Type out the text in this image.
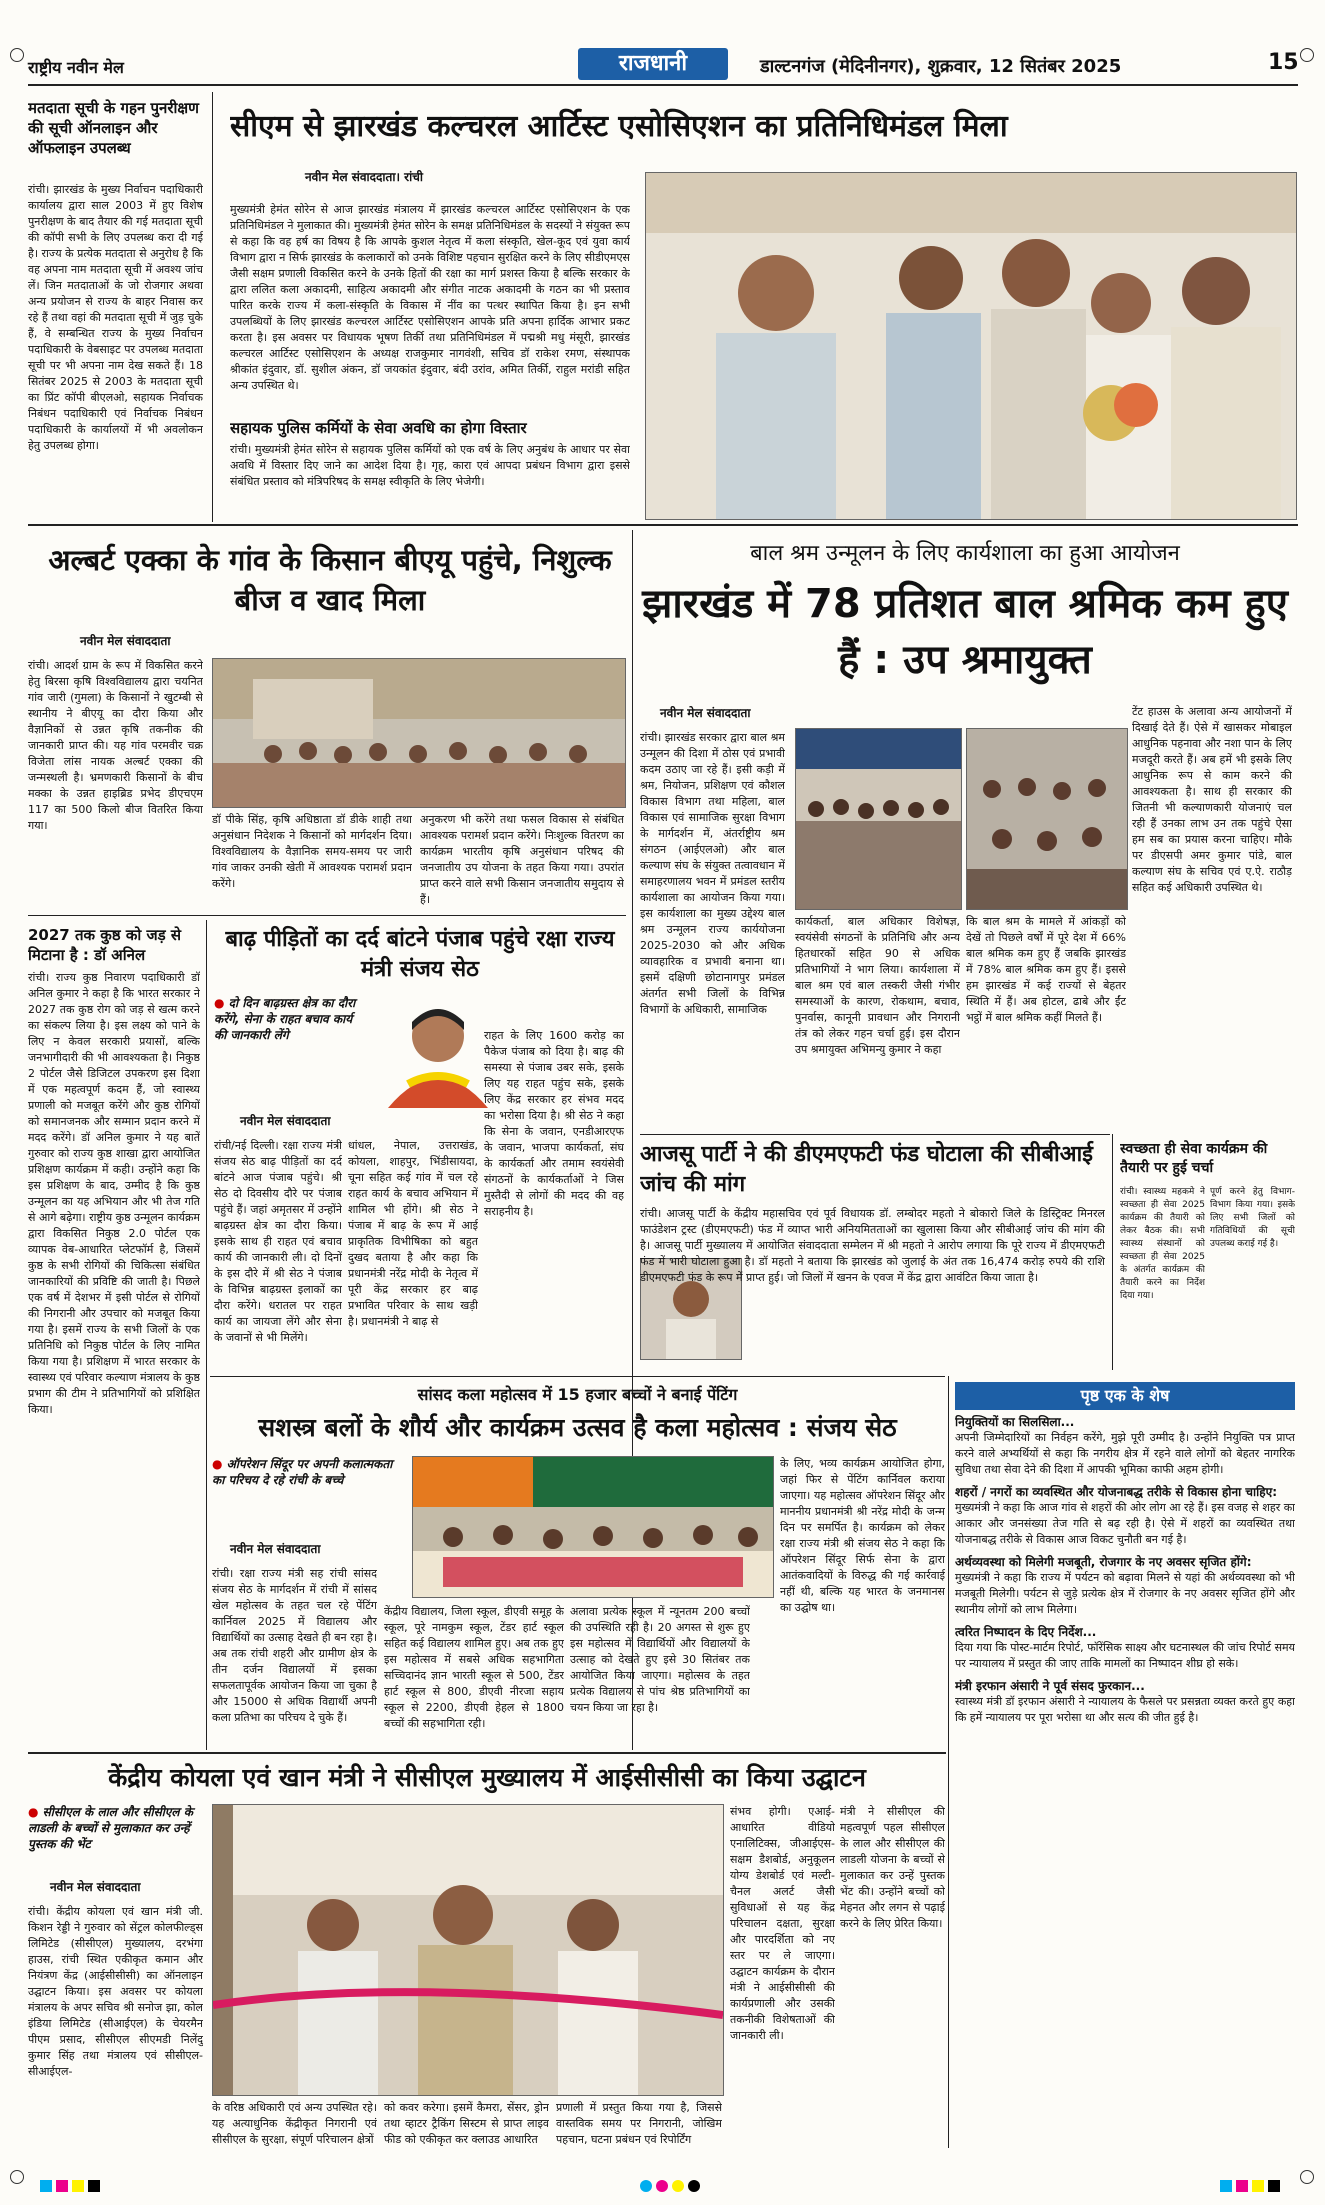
राष्ट्रीय नवीन मेल	राजधानी	डाल्टनगंज (मेदिनीनगर), शुक्रवार, 12 सितंबर 2025	15
मतदाता सूची के गहन पुनरीक्षण की सूची ऑनलाइन और ऑफलाइन उपलब्ध
रांची। झारखंड के मुख्य निर्वाचन पदाधिकारी कार्यालय द्वारा साल 2003 में हुए विशेष पुनरीक्षण के बाद तैयार की गई मतदाता सूची की कॉपी सभी के लिए उपलब्ध करा दी गई है। राज्य के प्रत्येक मतदाता से अनुरोध है कि वह अपना नाम मतदाता सूची में अवश्य जांच लें। जिन मतदाताओं के जो रोजगार अथवा अन्य प्रयोजन से राज्य के बाहर निवास कर रहे हैं तथा वहां की मतदाता सूची में जुड़ चुके हैं, वे सम्बन्धित राज्य के मुख्य निर्वाचन पदाधिकारी के वेबसाइट पर उपलब्ध मतदाता सूची पर भी अपना नाम देख सकते हैं। 18 सितंबर 2025 से 2003 के मतदाता सूची का प्रिंट कॉपी बीएलओ, सहायक निर्वाचक निबंधन पदाधिकारी एवं निर्वाचक निबंधन पदाधिकारी के कार्यालयों में भी अवलोकन हेतु उपलब्ध होगा।
सीएम से झारखंड कल्चरल आर्टिस्ट एसोसिएशन का प्रतिनिधिमंडल मिला
नवीन मेल संवाददाता। रांची
मुख्यमंत्री हेमंत सोरेन से आज झारखंड मंत्रालय में झारखंड कल्चरल आर्टिस्ट एसोसिएशन के एक प्रतिनिधिमंडल ने मुलाकात की। मुख्यमंत्री हेमंत सोरेन के समक्ष प्रतिनिधिमंडल के सदस्यों ने संयुक्त रूप से कहा कि वह हर्ष का विषय है कि आपके कुशल नेतृत्व में कला संस्कृति, खेल-कूद एवं युवा कार्य विभाग द्वारा न सिर्फ झारखंड के कलाकारों को उनके विशिष्ट पहचान सुरक्षित करने के लिए सीडीएमएस जैसी सक्षम प्रणाली विकसित करने के उनके हितों की रक्षा का मार्ग प्रशस्त किया है बल्कि सरकार के द्वारा ललित कला अकादमी, साहित्य अकादमी और संगीत नाटक अकादमी के गठन का भी प्रस्ताव पारित करके राज्य में कला-संस्कृति के विकास में नींव का पत्थर स्थापित किया है। इन सभी उपलब्धियों के लिए झारखंड कल्चरल आर्टिस्ट एसोसिएशन आपके प्रति अपना हार्दिक आभार प्रकट करता है। इस अवसर पर विधायक भूषण तिर्की तथा प्रतिनिधिमंडल में पद्मश्री मधु मंसूरी, झारखंड कल्चरल आर्टिस्ट एसोसिएशन के अध्यक्ष राजकुमार नागवंशी, सचिव डॉ राकेश रमण, संस्थापक श्रीकांत इंदुवार, डॉ. सुशील अंकन, डॉ जयकांत इंदुवार, बंदी उरांव, अमित तिर्की, राहुल मरांडी सहित अन्य उपस्थित थे।
सहायक पुलिस कर्मियों के सेवा अवधि का होगा विस्तार
रांची। मुख्यमंत्री हेमंत सोरेन से सहायक पुलिस कर्मियों को एक वर्ष के लिए अनुबंध के आधार पर सेवा अवधि में विस्तार दिए जाने का आदेश दिया है। गृह, कारा एवं आपदा प्रबंधन विभाग द्वारा इससे संबंधित प्रस्ताव को मंत्रिपरिषद के समक्ष स्वीकृति के लिए भेजेगी।
अल्बर्ट एक्का के गांव के किसान बीएयू पहुंचे, निशुल्क बीज व खाद मिला
नवीन मेल संवाददाता
रांची। आदर्श ग्राम के रूप में विकसित करने हेतु बिरसा कृषि विश्वविद्यालय द्वारा चयनित गांव जारी (गुमला) के किसानों ने खुटम्बी से स्थानीय ने बीएयू का दौरा किया और वैज्ञानिकों से उन्नत कृषि तकनीक की जानकारी प्राप्त की। यह गांव परमवीर चक्र विजेता लांस नायक अल्बर्ट एक्का की जन्मस्थली है। भ्रमणकारी किसानों के बीच मक्का के उन्नत हाइब्रिड प्रभेद डीएचएम 117 का 500 किलो बीज वितरित किया गया।	डॉ पीके सिंह, कृषि अधिष्ठाता डॉ डीके शाही तथा अनुसंधान निदेशक ने किसानों को मार्गदर्शन दिया। विश्वविद्यालय के वैज्ञानिक समय-समय पर जारी गांव जाकर उनकी खेती में आवश्यक परामर्श प्रदान करेंगे।
अनुकरण भी करेंगे तथा फसल विकास से संबंधित आवश्यक परामर्श प्रदान करेंगे। निःशुल्क वितरण का कार्यक्रम भारतीय कृषि अनुसंधान परिषद की जनजातीय उप योजना के तहत किया गया। उपरांत प्राप्त करने वाले सभी किसान जनजातीय समुदाय से हैं।
2027 तक कुष्ठ को जड़ से मिटाना है : डॉ अनिल
रांची। राज्य कुष्ठ निवारण पदाधिकारी डॉ अनिल कुमार ने कहा है कि भारत सरकार ने 2027 तक कुष्ठ रोग को जड़ से खत्म करने का संकल्प लिया है। इस लक्ष्य को पाने के लिए न केवल सरकारी प्रयासों, बल्कि जनभागीदारी की भी आवश्यकता है। निकुष्ठ 2 पोर्टल जैसे डिजिटल उपकरण इस दिशा में एक महत्वपूर्ण कदम हैं, जो स्वास्थ्य प्रणाली को मजबूत करेंगे और कुष्ठ रोगियों को समानजनक और सम्मान प्रदान करने में मदद करेंगे। डॉ अनिल कुमार ने यह बातें गुरुवार को राज्य कुष्ठ शाखा द्वारा आयोजित प्रशिक्षण कार्यक्रम में कही। उन्होंने कहा कि इस प्रशिक्षण के बाद, उम्मीद है कि कुष्ठ उन्मूलन का यह अभियान और भी तेज गति से आगे बढ़ेगा। राष्ट्रीय कुष्ठ उन्मूलन कार्यक्रम द्वारा विकसित निकुष्ठ 2.0 पोर्टल एक व्यापक वेब-आधारित प्लेटफॉर्म है, जिसमें कुष्ठ के सभी रोगियों की चिकित्सा संबंधित जानकारियों की प्रविष्टि की जाती है। पिछले एक वर्ष में देशभर में इसी पोर्टल से रोगियों की निगरानी और उपचार को मजबूत किया गया है। इसमें राज्य के सभी जिलों के एक प्रतिनिधि को निकुष्ठ पोर्टल के लिए नामित किया गया है। प्रशिक्षण में भारत सरकार के स्वास्थ्य एवं परिवार कल्याण मंत्रालय के कुष्ठ प्रभाग की टीम ने प्रतिभागियों को प्रशिक्षित किया।
बाढ़ पीड़ितों का दर्द बांटने पंजाब पहुंचे रक्षा राज्य मंत्री संजय सेठ
● दो दिन बाढ़ग्रस्त क्षेत्र का दौरा करेंगे, सेना के राहत बचाव कार्य की जानकारी लेंगे
नवीन मेल संवाददाता
रांची/नई दिल्ली। रक्षा राज्य मंत्री संजय सेठ बाढ़ पीड़ितों का दर्द बांटने आज पंजाब पहुंचे। श्री सेठ दो दिवसीय दौरे पर पंजाब पहुंचे हैं। जहां अमृतसर में उन्होंने बाढ़ग्रस्त क्षेत्र का दौरा किया। इसके साथ ही राहत एवं बचाव कार्य की जानकारी ली। दो दिनों के इस दौरे में श्री सेठ ने पंजाब के विभिन्न बाढ़ग्रस्त इलाकों का दौरा करेंगे। धरातल पर राहत कार्य का जायजा लेंगे और सेना के जवानों से भी मिलेंगे।
धांधल, नेपाल, उत्तराखंड, कोयला, शाहपुर, भिंडीसायदा, चूना सहित कई गांव में चल रहे राहत कार्य के बचाव अभियान में शामिल भी होंगे। श्री सेठ ने पंजाब में बाढ़ के रूप में आई प्राकृतिक विभीषिका को बहुत दुखद बताया है और कहा कि प्रधानमंत्री नरेंद्र मोदी के नेतृत्व में पूरी केंद्र सरकार हर बाढ़ प्रभावित परिवार के साथ खड़ी है। प्रधानमंत्री ने बाढ़ से
राहत के लिए 1600 करोड़ का पैकेज पंजाब को दिया है। बाढ़ की समस्या से पंजाब उबर सके, इसके लिए यह राहत पहुंच सके, इसके लिए केंद्र सरकार हर संभव मदद का भरोसा दिया है। श्री सेठ ने कहा कि सेना के जवान, एनडीआरएफ के जवान, भाजपा कार्यकर्ता, संघ के कार्यकर्ता और तमाम स्वयंसेवी संगठनों के कार्यकर्ताओं ने जिस मुस्तैदी से लोगों की मदद की वह सराहनीय है।
बाल श्रम उन्मूलन के लिए कार्यशाला का हुआ आयोजन
झारखंड में 78 प्रतिशत बाल श्रमिक कम हुए हैं : उप श्रमायुक्त
नवीन मेल संवाददाता
रांची। झारखंड सरकार द्वारा बाल श्रम उन्मूलन की दिशा में ठोस एवं प्रभावी कदम उठाए जा रहे हैं। इसी कड़ी में श्रम, नियोजन, प्रशिक्षण एवं कौशल विकास विभाग तथा महिला, बाल विकास एवं सामाजिक सुरक्षा विभाग के मार्गदर्शन में, अंतर्राष्ट्रीय श्रम संगठन (आईएलओ) और बाल कल्याण संघ के संयुक्त तत्वावधान में समाहरणालय भवन में प्रमंडल स्तरीय कार्यशाला का आयोजन किया गया। इस कार्यशाला का मुख्य उद्देश्य बाल श्रम उन्मूलन राज्य कार्ययोजना 2025-2030 को और अधिक व्यावहारिक व प्रभावी बनाना था। इसमें दक्षिणी छोटानागपुर प्रमंडल अंतर्गत सभी जिलों के विभिन्न विभागों के अधिकारी, सामाजिक
कार्यकर्ता, बाल अधिकार विशेषज्ञ, स्वयंसेवी संगठनों के प्रतिनिधि और अन्य हितधारकों सहित 90 से अधिक प्रतिभागियों ने भाग लिया। कार्यशाला में बाल श्रम एवं बाल तस्करी जैसी गंभीर समस्याओं के कारण, रोकथाम, बचाव, पुनर्वास, कानूनी प्रावधान और निगरानी तंत्र को लेकर गहन चर्चा हुई। इस दौरान उप श्रमायुक्त अभिमन्यु कुमार ने कहा
कि बाल श्रम के मामले में आंकड़ों को देखें तो पिछले वर्षों में पूरे देश में 66% बाल श्रमिक कम हुए हैं जबकि झारखंड में 78% बाल श्रमिक कम हुए हैं। इससे हम झारखंड में कई राज्यों से बेहतर स्थिति में हैं। अब होटल, ढाबे और ईंट भट्ठों में बाल श्रमिक कहीं मिलते हैं।
टेंट हाउस के अलावा अन्य आयोजनों में दिखाई देते हैं। ऐसे में खासकर मोबाइल आधुनिक पहनावा और नशा पान के लिए मजदूरी करते हैं। अब हमें भी इसके लिए आधुनिक रूप से काम करने की आवश्यकता है। साथ ही सरकार की जितनी भी कल्याणकारी योजनाएं चल रही हैं उनका लाभ उन तक पहुंचे ऐसा हम सब का प्रयास करना चाहिए। मौके पर डीएसपी अमर कुमार पांडे, बाल कल्याण संघ के सचिव एवं ए.ऐ. राठौड़ सहित कई अधिकारी उपस्थित थे।
आजसू पार्टी ने की डीएमएफटी फंड घोटाला की सीबीआई जांच की मांग
रांची। आजसू पार्टी के केंद्रीय महासचिव एवं पूर्व विधायक डॉ. लम्बोदर महतो ने बोकारो जिले के डिस्ट्रिक्ट मिनरल फाउंडेशन ट्रस्ट (डीएमएफटी) फंड में व्याप्त भारी अनियमितताओं का खुलासा किया और सीबीआई जांच की मांग की है। आजसू पार्टी मुख्यालय में आयोजित संवाददाता सम्मेलन में श्री महतो ने आरोप लगाया कि पूरे राज्य में डीएमएफटी फंड में भारी घोटाला हुआ है। डॉ महतो ने बताया कि झारखंड को जुलाई के अंत तक 16,474 करोड़ रुपये की राशि डीएमएफटी फंड के रूप में प्राप्त हुई। जो जिलों में खनन के एवज में केंद्र द्वारा आवंटित किया जाता है।
स्वच्छता ही सेवा कार्यक्रम की तैयारी पर हुई चर्चा
रांची। स्वास्थ्य महकमे ने स्वच्छता ही सेवा 2025 कार्यक्रम की तैयारी को लेकर बैठक की। सभी स्वास्थ्य संस्थानों को स्वच्छता ही सेवा 2025 के अंतर्गत कार्यक्रम की तैयारी करने का निर्देश दिया गया।
पूर्ण करने हेतु विभाग-विभाग किया गया। इसके लिए सभी जिलों को गतिविधियों की सूची उपलब्ध कराई गई है।
पृष्ठ एक के शेष
नियुक्तियों का सिलसिला...
अपनी जिम्मेदारियों का निर्वहन करेंगे, मुझे पूरी उम्मीद है। उन्होंने नियुक्ति पत्र प्राप्त करने वाले अभ्यर्थियों से कहा कि नगरीय क्षेत्र में रहने वाले लोगों को बेहतर नागरिक सुविधा तथा सेवा देने की दिशा में आपकी भूमिका काफी अहम होगी।
शहरों / नगरों का व्यवस्थित और योजनाबद्ध तरीके से विकास होना चाहिए:
मुख्यमंत्री ने कहा कि आज गांव से शहरों की ओर लोग आ रहे हैं। इस वजह से शहर का आकार और जनसंख्या तेज गति से बढ़ रही है। ऐसे में शहरों का व्यवस्थित तथा योजनाबद्ध तरीके से विकास आज विकट चुनौती बन गई है।
अर्थव्यवस्था को मिलेगी मजबूती, रोजगार के नए अवसर सृजित होंगे:
मुख्यमंत्री ने कहा कि राज्य में पर्यटन को बढ़ावा मिलने से यहां की अर्थव्यवस्था को भी मजबूती मिलेगी। पर्यटन से जुड़े प्रत्येक क्षेत्र में रोजगार के नए अवसर सृजित होंगे और स्थानीय लोगों को लाभ मिलेगा।
त्वरित निष्पादन के दिए निर्देश...
दिया गया कि पोस्ट-मार्टम रिपोर्ट, फॉरेंसिक साक्ष्य और घटनास्थल की जांच रिपोर्ट समय पर न्यायालय में प्रस्तुत की जाए ताकि मामलों का निष्पादन शीघ्र हो सके।
मंत्री इरफान अंसारी ने पूर्व संसद फुरकान...
स्वास्थ्य मंत्री डॉ इरफान अंसारी ने न्यायालय के फैसले पर प्रसन्नता व्यक्त करते हुए कहा कि हमें न्यायालय पर पूरा भरोसा था और सत्य की जीत हुई है।
सांसद कला महोत्सव में 15 हजार बच्चों ने बनाई पेंटिंग
सशस्त्र बलों के शौर्य और कार्यक्रम उत्सव है कला महोत्सव : संजय सेठ
● ऑपरेशन सिंदूर पर अपनी कलात्मकता का परिचय दे रहे रांची के बच्चे
नवीन मेल संवाददाता
रांची। रक्षा राज्य मंत्री सह रांची सांसद संजय सेठ के मार्गदर्शन में रांची में सांसद खेल महोत्सव के तहत चल रहे पेंटिंग कार्निवल 2025 में विद्यालय और विद्यार्थियों का उत्साह देखते ही बन रहा है। अब तक रांची शहरी और ग्रामीण क्षेत्र के तीन दर्जन विद्यालयों में इसका सफलतापूर्वक आयोजन किया जा चुका है और 15000 से अधिक विद्यार्थी अपनी कला प्रतिभा का परिचय दे चुके हैं।
केंद्रीय विद्यालय, जिला स्कूल, डीएवी समूह के स्कूल, पूरे नामकुम स्कूल, टेंडर हार्ट स्कूल सहित कई विद्यालय शामिल हुए। अब तक हुए इस महोत्सव में सबसे अधिक सहभागिता सच्चिदानंद ज्ञान भारती स्कूल से 500, टेंडर हार्ट स्कूल से 800, डीएवी नीरजा सहाय स्कूल से 2200, डीएवी हेहल से 1800 बच्चों की सहभागिता रही।
अलावा प्रत्येक स्कूल में न्यूनतम 200 बच्चों की उपस्थिति रही है। 20 अगस्त से शुरू हुए इस महोत्सव में विद्यार्थियों और विद्यालयों के उत्साह को देखते हुए इसे 30 सितंबर तक आयोजित किया जाएगा। महोत्सव के तहत प्रत्येक विद्यालय से पांच श्रेष्ठ प्रतिभागियों का चयन किया जा रहा है।
के लिए, भव्य कार्यक्रम आयोजित होगा, जहां फिर से पेंटिंग कार्निवल कराया जाएगा। यह महोत्सव ऑपरेशन सिंदूर और माननीय प्रधानमंत्री श्री नरेंद्र मोदी के जन्म दिन पर समर्पित है। कार्यक्रम को लेकर रक्षा राज्य मंत्री श्री संजय सेठ ने कहा कि ऑपरेशन सिंदूर सिर्फ सेना के द्वारा आतंकवादियों के विरुद्ध की गई कार्रवाई नहीं थी, बल्कि यह भारत के जनमानस का उद्घोष था।
केंद्रीय कोयला एवं खान मंत्री ने सीसीएल मुख्यालय में आईसीसीसी का किया उद्घाटन
● सीसीएल के लाल और सीसीएल के लाडली के बच्चों से मुलाकात कर उन्हें पुस्तक की भेंट
नवीन मेल संवाददाता
रांची। केंद्रीय कोयला एवं खान मंत्री जी. किशन रेड्डी ने गुरुवार को सेंट्रल कोलफील्ड्स लिमिटेड (सीसीएल) मुख्यालय, दरभंगा हाउस, रांची स्थित एकीकृत कमान और नियंत्रण केंद्र (आईसीसीसी) का ऑनलाइन उद्घाटन किया। इस अवसर पर कोयला मंत्रालय के अपर सचिव श्री सनोज झा, कोल इंडिया लिमिटेड (सीआईएल) के चेयरमैन पीएम प्रसाद, सीसीएल सीएमडी निलेंदु कुमार सिंह तथा मंत्रालय एवं सीसीएल-सीआईएल-
के वरिष्ठ अधिकारी एवं अन्य उपस्थित रहे। यह अत्याधुनिक केंद्रीकृत निगरानी एवं सीसीएल के सुरक्षा, संपूर्ण परिचालन क्षेत्रों
को कवर करेगा। इसमें कैमरा, सेंसर, ड्रोन तथा व्हाटर ट्रैकिंग सिस्टम से प्राप्त लाइव फीड को एकीकृत कर क्लाउड आधारित
प्रणाली में प्रस्तुत किया गया है, जिससे वास्तविक समय पर निगरानी, जोखिम पहचान, घटना प्रबंधन एवं रिपोर्टिंग
संभव होगी। एआई-आधारित वीडियो एनालिटिक्स, जीआईएस-सक्षम डैशबोर्ड, अनुकूलन योग्य डेशबोर्ड एवं मल्टी-चैनल अलर्ट जैसी सुविधाओं से यह केंद्र परिचालन दक्षता, सुरक्षा और पारदर्शिता को नए स्तर पर ले जाएगा। उद्घाटन कार्यक्रम के दौरान मंत्री ने आईसीसीसी की कार्यप्रणाली और उसकी तकनीकी विशेषताओं की जानकारी ली।
मंत्री ने सीसीएल की महत्वपूर्ण पहल सीसीएल के लाल और सीसीएल की लाडली योजना के बच्चों से मुलाकात कर उन्हें पुस्तक भेंट की। उन्होंने बच्चों को मेहनत और लगन से पढ़ाई करने के लिए प्रेरित किया।
